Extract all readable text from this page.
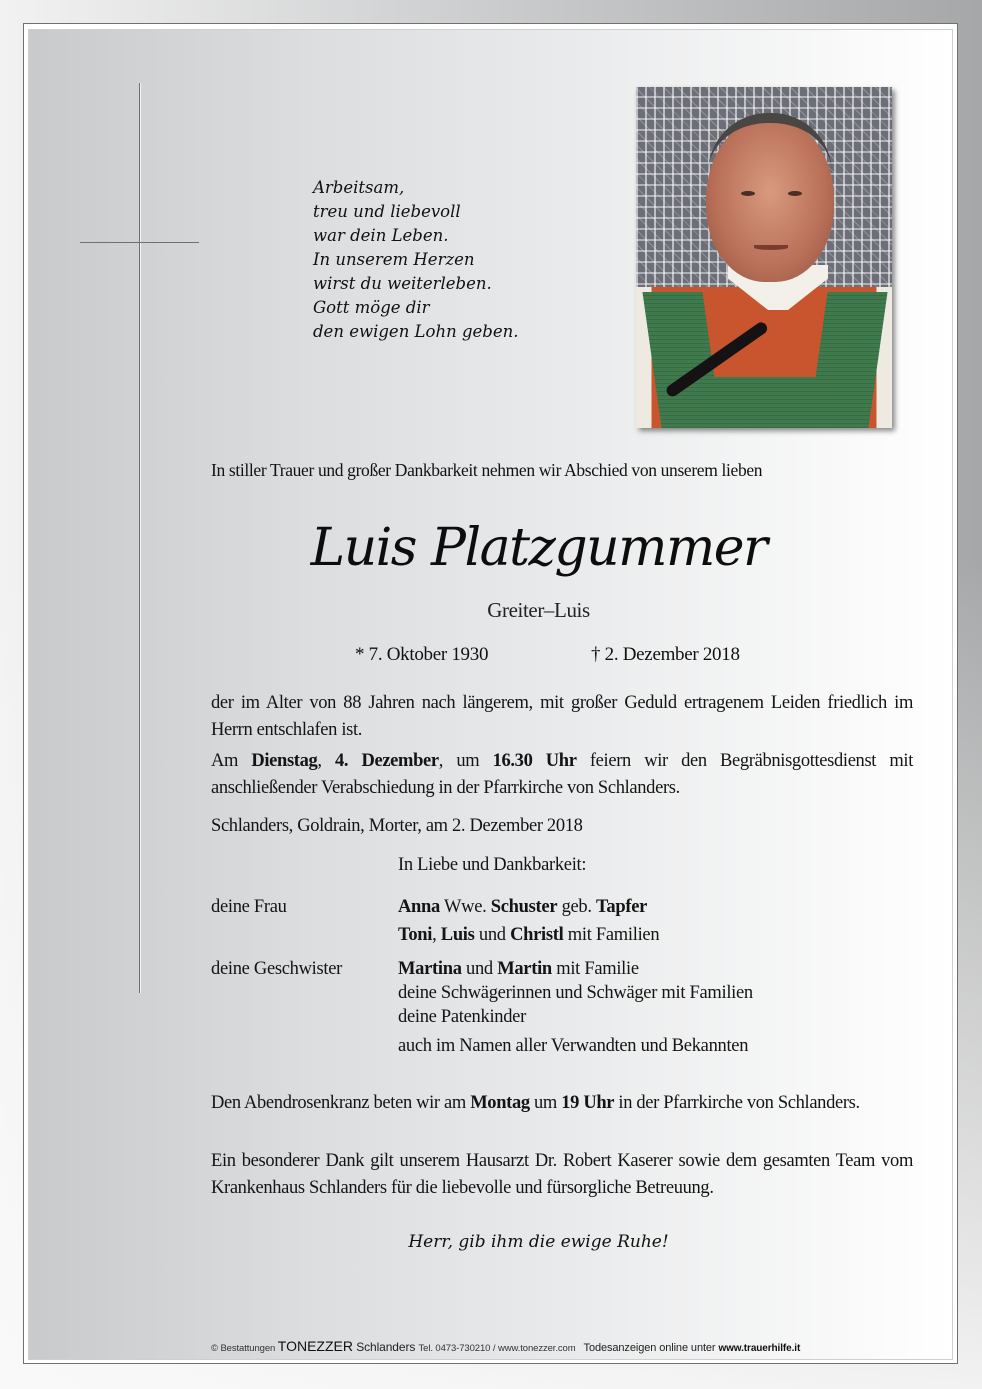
Arbeitsam,
treu und liebevoll
war dein Leben.
In unserem Herzen
wirst du weiterleben.
Gott möge dir
den ewigen Lohn geben.
In stiller Trauer und großer Dankbarkeit nehmen wir Abschied von unserem lieben
Luis Platzgummer
Greiter–Luis
* 7. Oktober 1930	† 2. Dezember 2018
der im Alter von 88 Jahren nach längerem, mit großer Geduld ertragenem Leiden friedlich im Herrn entschlafen ist.
Am Dienstag, 4. Dezember, um 16.30 Uhr feiern wir den Begräbnisgottesdienst mit anschließender Verabschiedung in der Pfarrkirche von Schlanders.
Schlanders, Goldrain, Morter, am 2. Dezember 2018
In Liebe und Dankbarkeit:
deine Frau	Anna Wwe. Schuster geb. Tapfer
Toni, Luis und Christl mit Familien
deine Geschwister	Martina und Martin mit Familie
deine Schwägerinnen und Schwäger mit Familien
deine Patenkinder
auch im Namen aller Verwandten und Bekannten
Den Abendrosenkranz beten wir am Montag um 19 Uhr in der Pfarrkirche von Schlanders.
Ein besonderer Dank gilt unserem Hausarzt Dr. Robert Kaserer sowie dem gesamten Team vom Krankenhaus Schlanders für die liebevolle und fürsorgliche Betreuung.
Herr, gib ihm die ewige Ruhe!
© Bestattungen TONEZZER Schlanders Tel. 0473-730210 / www.tonezzer.com Todesanzeigen online unter www.trauerhilfe.it
